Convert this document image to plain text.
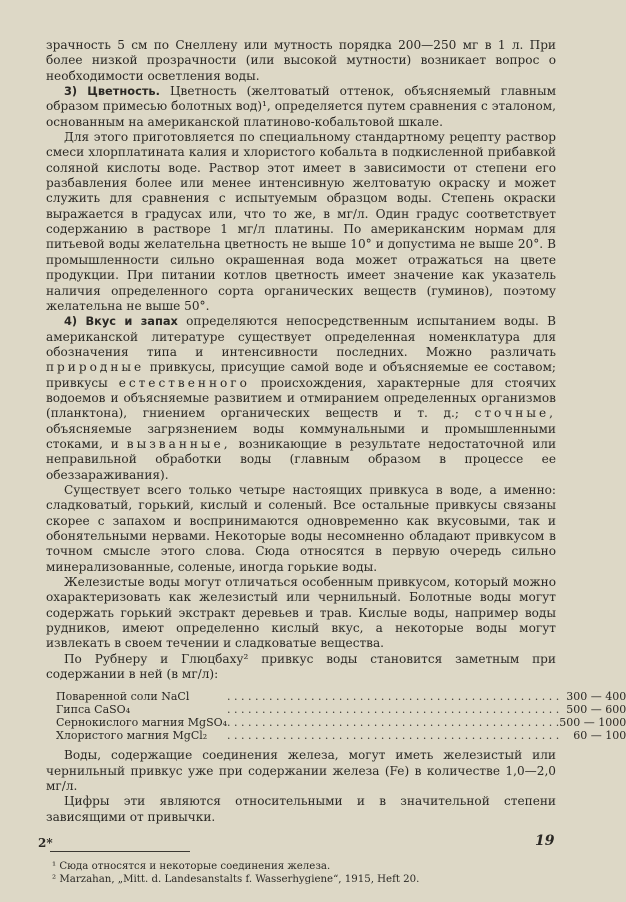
зрачность 5 см по Снеллену или мутность порядка 200—250 мг в 1 л. При более низкой прозрачности (или высокой мутности) возникает вопрос о необходимости осветления воды.

3) Цветность. Цветность (желтоватый оттенок, объясняемый главным образом примесью болотных вод)¹, определяется путем сравнения с эталоном, основанным на американской платиново-кобальтовой шкале.

Для этого приготовляется по специальному стандартному рецепту раствор смеси хлорплатината калия и хлористого кобальта в подкисленной прибавкой соляной кислоты воде. Раствор этот имеет в зависимости от степени его разбавления более или менее интенсивную желтоватую окраску и может служить для сравнения с испытуемым образцом воды. Степень окраски выражается в градусах или, что то же, в мг/л. Один градус соответствует содержанию в растворе 1 мг/л платины. По американским нормам для питьевой воды желательна цветность не выше 10° и допустима не выше 20°. В промышленности сильно окрашенная вода может отражаться на цвете продукции. При питании котлов цветность имеет значение как указатель наличия определенного сорта органических веществ (гуминов), поэтому желательна не выше 50°.

4) Вкус и запах определяются непосредственным испытанием воды. В американской литературе существует определенная номенклатура для обозначения типа и интенсивности последних. Можно различать природные привкусы, присущие самой воде и объясняемые ее составом; привкусы естественного происхождения, характерные для стоячих водоемов и объясняемые развитием и отмиранием определенных организмов (планктона), гниением органических веществ и т. д.; сточные, объясняемые загрязнением воды коммунальными и промышленными стоками, и вызванные, возникающие в результате недостаточной или неправильной обработки воды (главным образом в процессе ее обеззараживания).

Существует всего только четыре настоящих привкуса в воде, а именно: сладковатый, горький, кислый и соленый. Все остальные привкусы связаны скорее с запахом и воспринимаются одновременно как вкусовыми, так и обонятельными нервами. Некоторые воды несомненно обладают привкусом в точном смысле этого слова. Сюда относятся в первую очередь сильно минерализованные, соленые, иногда горькие воды.

Железистые воды могут отличаться особенным привкусом, который можно охарактеризовать как железистый или чернильный. Болотные воды могут содержать горький экстракт деревьев и трав. Кислые воды, например воды рудников, имеют определенно кислый вкус, а некоторые воды могут извлекать в своем течении и сладковатые вещества.

По Рубнеру и Глюцбаху² привкус воды становится заметным при содержании в ней (в мг/л):

Поваренной соли NaCl	. . . . . . . . . . . . . . . . . . . . . . . . . . . . . . . . . . . . . . . . . . . . . . . .	300 — 400
Гипса CaSO₄	. . . . . . . . . . . . . . . . . . . . . . . . . . . . . . . . . . . . . . . . . . . . . . . .	500 — 600
Сернокислого магния MgSO₄	. . . . . . . . . . . . . . . . . . . . . . . . . . . . . . . . . . . . . . . . . . . . . . . .	500 — 1000
Хлористого магния MgCl₂	. . . . . . . . . . . . . . . . . . . . . . . . . . . . . . . . . . . . . . . . . . . . . . . .	60 — 100

Воды, содержащие соединения железа, могут иметь железистый или чернильный привкус уже при содержании железа (Fe) в количестве 1,0—2,0 мг/л.

Цифры эти являются относительными и в значительной степени зависящими от привычки.

¹ Сюда относятся и некоторые соединения железа.

² Marzahan, „Mitt. d. Landesanstalts f. Wasserhygiene“, 1915, Heft 20.

2*	19
